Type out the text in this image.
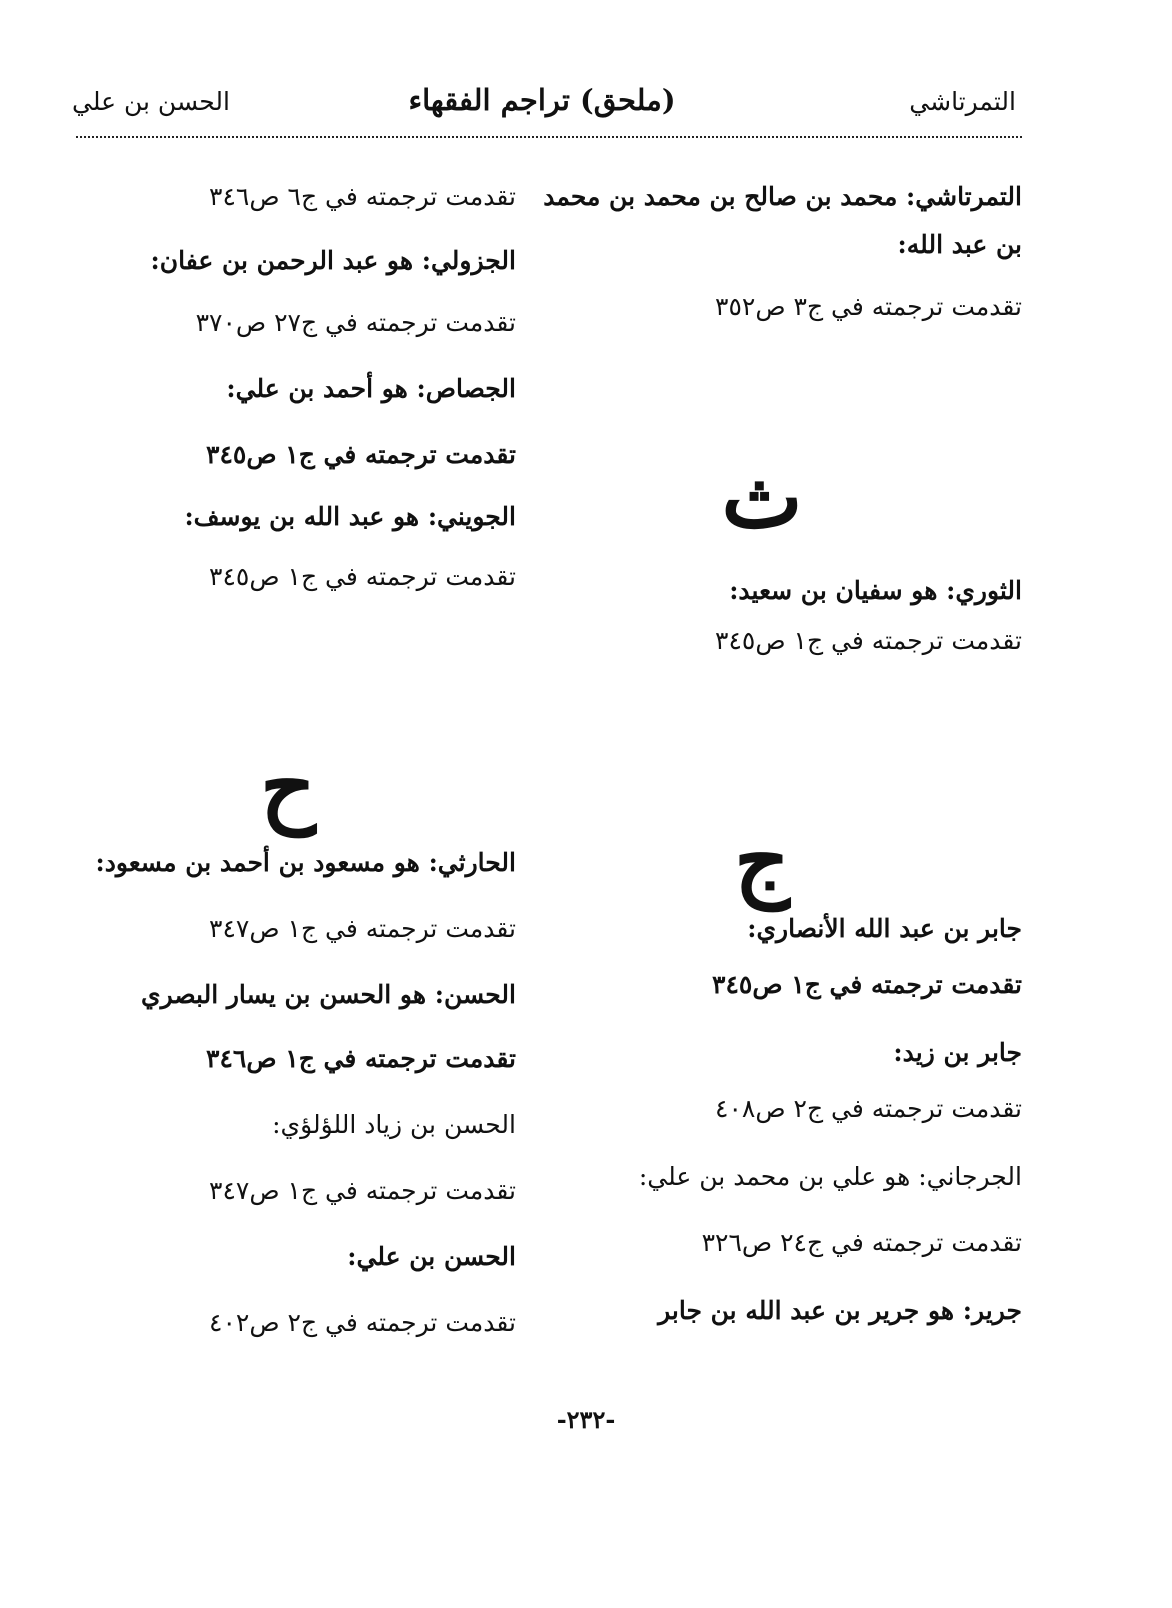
التمرتاشي
(ملحق) تراجم الفقهاء
الحسن بن علي
التمرتاشي: محمد بن صالح بن محمد بن محمد
بن عبد الله:
تقدمت ترجمته في ج٣ ص٣٥٢
ث
الثوري: هو سفيان بن سعيد:
تقدمت ترجمته في ج١ ص٣٤٥
ج
جابر بن عبد الله الأنصاري:
تقدمت ترجمته في ج١ ص٣٤٥
جابر بن زيد:
تقدمت ترجمته في ج٢ ص٤٠٨
الجرجاني: هو علي بن محمد بن علي:
تقدمت ترجمته في ج٢٤ ص٣٢٦
جرير: هو جرير بن عبد الله بن جابر
تقدمت ترجمته في ج٦ ص٣٤٦
الجزولي: هو عبد الرحمن بن عفان:
تقدمت ترجمته في ج٢٧ ص٣٧٠
الجصاص: هو أحمد بن علي:
تقدمت ترجمته في ج١ ص٣٤٥
الجويني: هو عبد الله بن يوسف:
تقدمت ترجمته في ج١ ص٣٤٥
ح
الحارثي: هو مسعود بن أحمد بن مسعود:
تقدمت ترجمته في ج١ ص٣٤٧
الحسن: هو الحسن بن يسار البصري
تقدمت ترجمته في ج١ ص٣٤٦
الحسن بن زياد اللؤلؤي:
تقدمت ترجمته في ج١ ص٣٤٧
الحسن بن علي:
تقدمت ترجمته في ج٢ ص٤٠٢
-٢٣٢-
